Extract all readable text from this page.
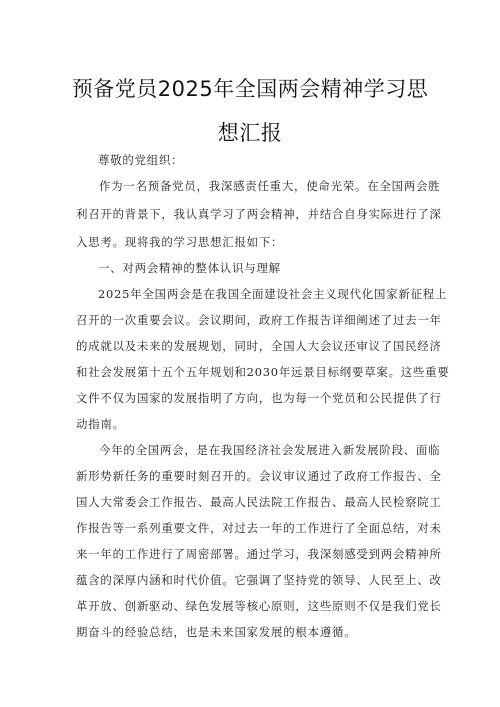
预备党员2025年全国两会精神学习思
想汇报
尊敬的党组织：
作为一名预备党员，我深感责任重大，使命光荣。在全国两会胜
利召开的背景下，我认真学习了两会精神，并结合自身实际进行了深
入思考。现将我的学习思想汇报如下：
一、对两会精神的整体认识与理解
2025年全国两会是在我国全面建设社会主义现代化国家新征程上
召开的一次重要会议。会议期间，政府工作报告详细阐述了过去一年
的成就以及未来的发展规划，同时，全国人大会议还审议了国民经济
和社会发展第十五个五年规划和2030年远景目标纲要草案。这些重要
文件不仅为国家的发展指明了方向，也为每一个党员和公民提供了行
动指南。
今年的全国两会，是在我国经济社会发展进入新发展阶段、面临
新形势新任务的重要时刻召开的。会议审议通过了政府工作报告、全
国人大常委会工作报告、最高人民法院工作报告、最高人民检察院工
作报告等一系列重要文件，对过去一年的工作进行了全面总结，对未
来一年的工作进行了周密部署。通过学习，我深刻感受到两会精神所
蕴含的深厚内涵和时代价值。它强调了坚持党的领导、人民至上、改
革开放、创新驱动、绿色发展等核心原则，这些原则不仅是我们党长
期奋斗的经验总结，也是未来国家发展的根本遵循。
